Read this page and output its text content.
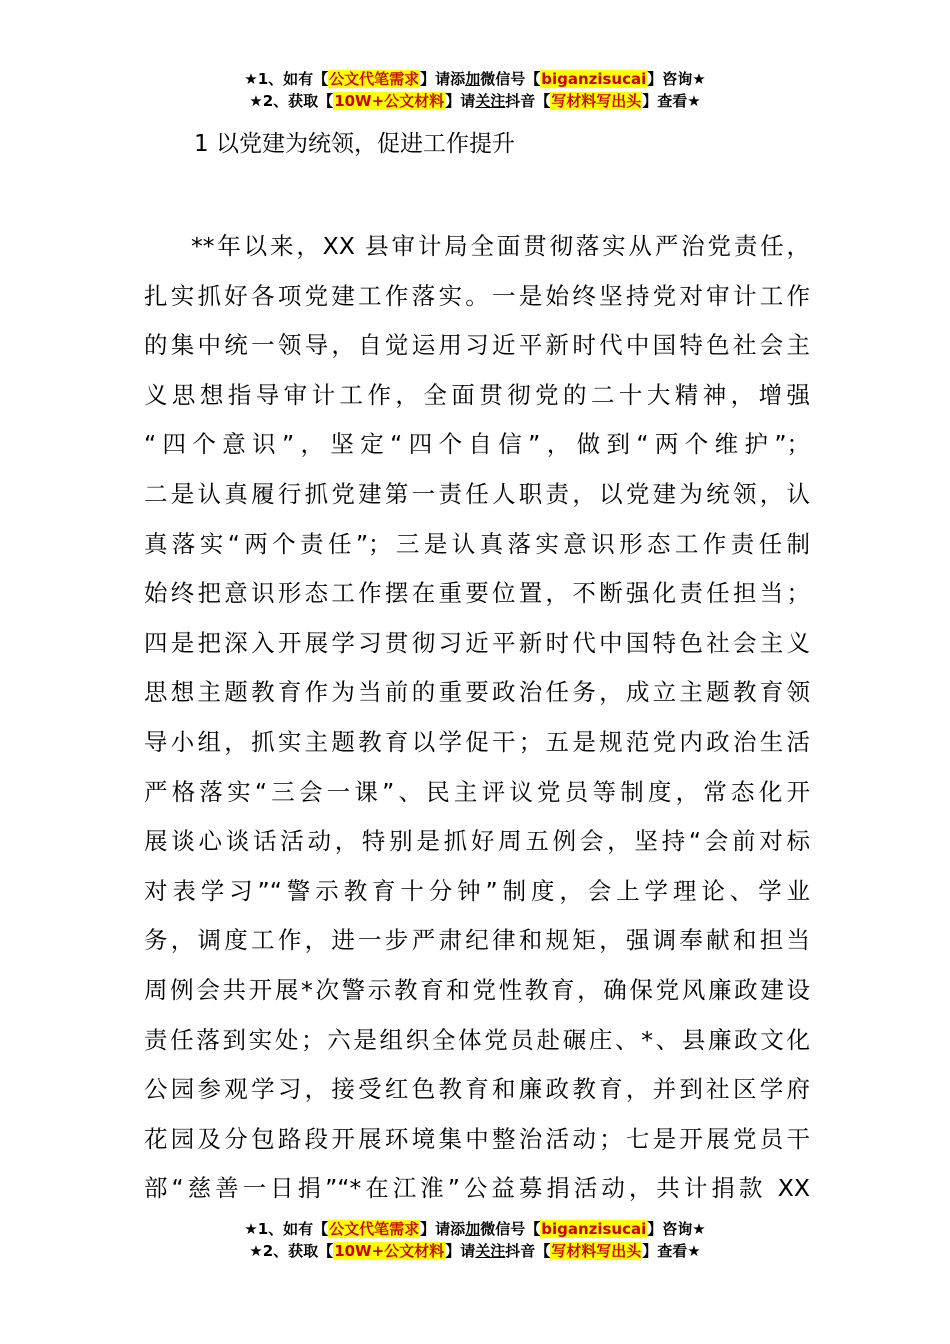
★1、如有【公文代笔需求】请添加微信号【biganzisucai】咨询★
★2、获取【10W+公文材料】请关注抖音【写材料写出头】查看★
1 以党建为统领，促进工作提升
**年以来，XX 县审计局全面贯彻落实从严治党责任，
扎实抓好各项党建工作落实。一是始终坚持党对审计工作
的集中统一领导，自觉运用习近平新时代中国特色社会主
义思想指导审计工作，全面贯彻党的二十大精神，增强
“四个意识”，坚定“四个自信”，做到“两个维护”；
二是认真履行抓党建第一责任人职责，以党建为统领，认
真落实“两个责任”；三是认真落实意识形态工作责任制
始终把意识形态工作摆在重要位置，不断强化责任担当；
四是把深入开展学习贯彻习近平新时代中国特色社会主义
思想主题教育作为当前的重要政治任务，成立主题教育领
导小组，抓实主题教育以学促干；五是规范党内政治生活
严格落实“三会一课”、民主评议党员等制度，常态化开
展谈心谈话活动，特别是抓好周五例会，坚持“会前对标
对表学习”“警示教育十分钟”制度，会上学理论、学业
务，调度工作，进一步严肃纪律和规矩，强调奉献和担当
周例会共开展*次警示教育和党性教育，确保党风廉政建设
责任落到实处；六是组织全体党员赴碾庄、*、县廉政文化
公园参观学习，接受红色教育和廉政教育，并到社区学府
花园及分包路段开展环境集中整治活动；七是开展党员干
部“慈善一日捐”“*在江淮”公益募捐活动，共计捐款 XX
★1、如有【公文代笔需求】请添加微信号【biganzisucai】咨询★
★2、获取【10W+公文材料】请关注抖音【写材料写出头】查看★
